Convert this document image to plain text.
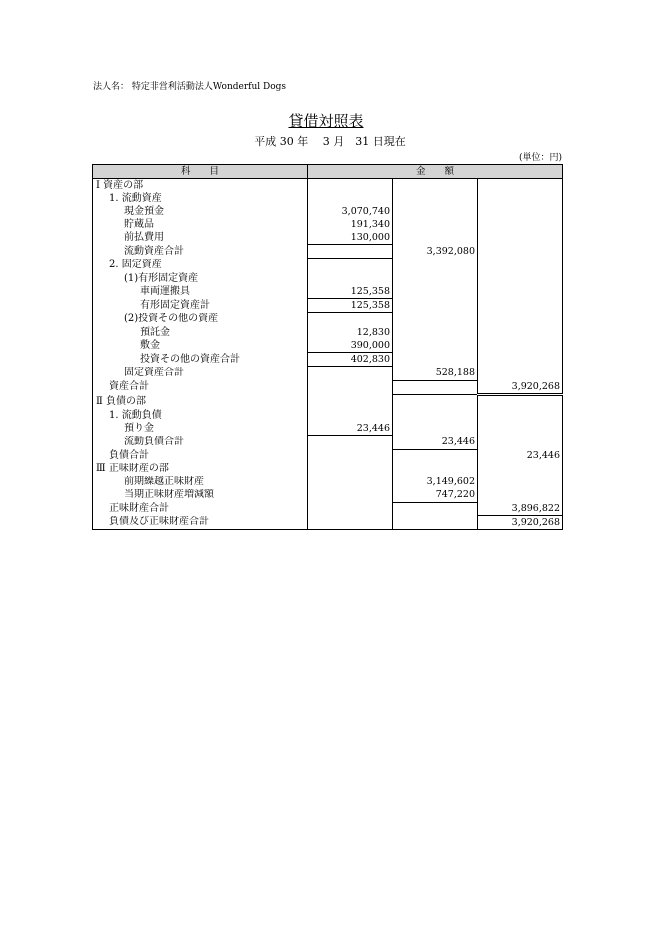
法人名： 特定非営利活動法人Wonderful Dogs
貸借対照表
平成 30 年　 3 月　31 日現在
(単位：円)
科　　目	金　　額		
Ⅰ 資産の部			
1. 流動資産			
現金預金	3,070,740		
貯蔵品	191,340		
前払費用	130,000		
流動資産合計		3,392,080	
2. 固定資産			
(1)有形固定資産			
車両運搬具	125,358		
有形固定資産計	125,358		
(2)投資その他の資産			
預託金	12,830		
敷金	390,000		
投資その他の資産合計	402,830		
固定資産合計		528,188	
資産合計			3,920,268
Ⅱ 負債の部			
1. 流動負債			
預り金	23,446		
流動負債合計		23,446	
負債合計			23,446
Ⅲ 正味財産の部			
前期繰越正味財産		3,149,602	
当期正味財産増減額		747,220	
正味財産合計			3,896,822
負債及び正味財産合計			3,920,268
